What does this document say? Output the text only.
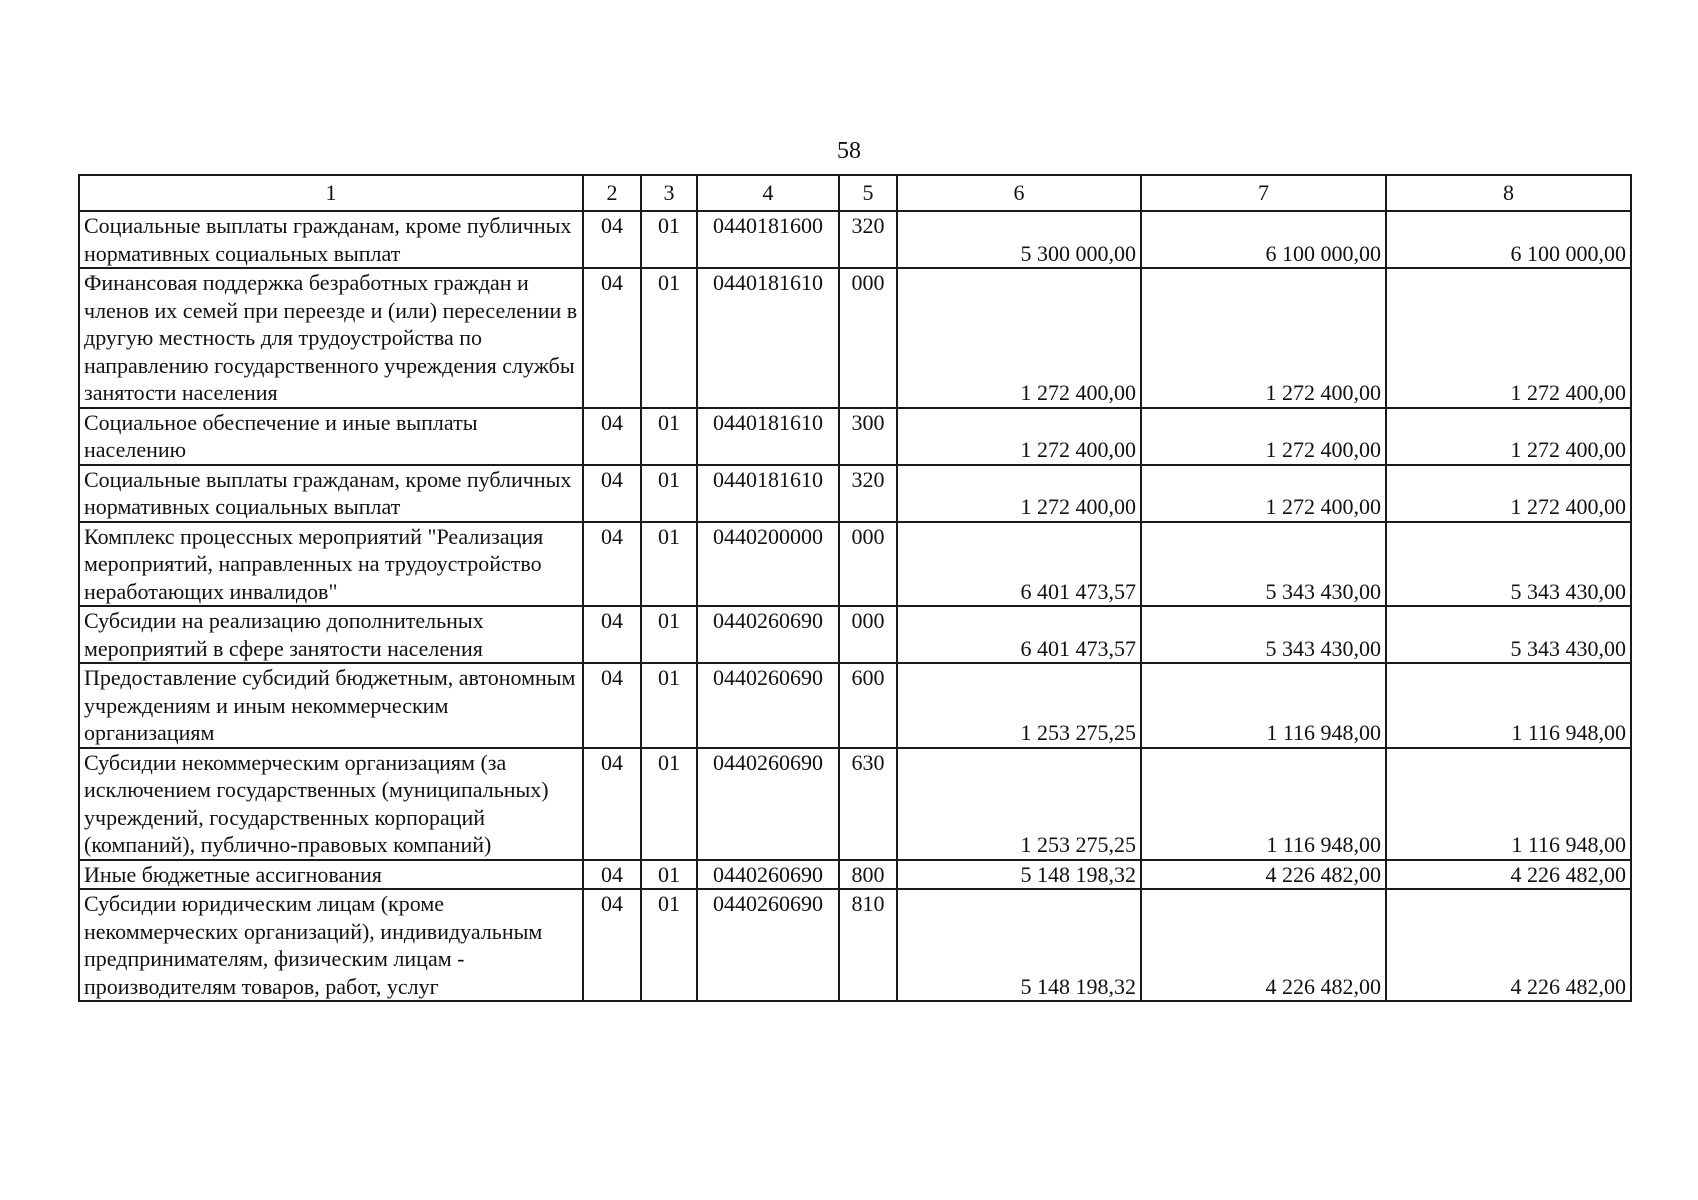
58
1	2	3	4	5	6	7	8
Социальные выплаты гражданам, кроме публичных нормативных социальных выплат	04	01	0440181600	320	5 300 000,00	6 100 000,00	6 100 000,00
Финансовая поддержка безработных граждан и членов их семей при переезде и (или) переселении в другую местность для трудоустройства по направлению государственного учреждения службы занятости населения	04	01	0440181610	000	1 272 400,00	1 272 400,00	1 272 400,00
Социальное обеспечение и иные выплаты населению	04	01	0440181610	300	1 272 400,00	1 272 400,00	1 272 400,00
Социальные выплаты гражданам, кроме публичных нормативных социальных выплат	04	01	0440181610	320	1 272 400,00	1 272 400,00	1 272 400,00
Комплекс процессных мероприятий "Реализация мероприятий, направленных на трудоустройство неработающих инвалидов"	04	01	0440200000	000	6 401 473,57	5 343 430,00	5 343 430,00
Субсидии на реализацию дополнительных мероприятий в сфере занятости населения	04	01	0440260690	000	6 401 473,57	5 343 430,00	5 343 430,00
Предоставление субсидий бюджетным, автономным учреждениям и иным некоммерческим организациям	04	01	0440260690	600	1 253 275,25	1 116 948,00	1 116 948,00
Субсидии некоммерческим организациям (за исключением государственных (муниципальных) учреждений, государственных корпораций (компаний), публично-правовых компаний)	04	01	0440260690	630	1 253 275,25	1 116 948,00	1 116 948,00
Иные бюджетные ассигнования	04	01	0440260690	800	5 148 198,32	4 226 482,00	4 226 482,00
Субсидии юридическим лицам (кроме некоммерческих организаций), индивидуальным предпринимателям, физическим лицам - производителям товаров, работ, услуг	04	01	0440260690	810	5 148 198,32	4 226 482,00	4 226 482,00
